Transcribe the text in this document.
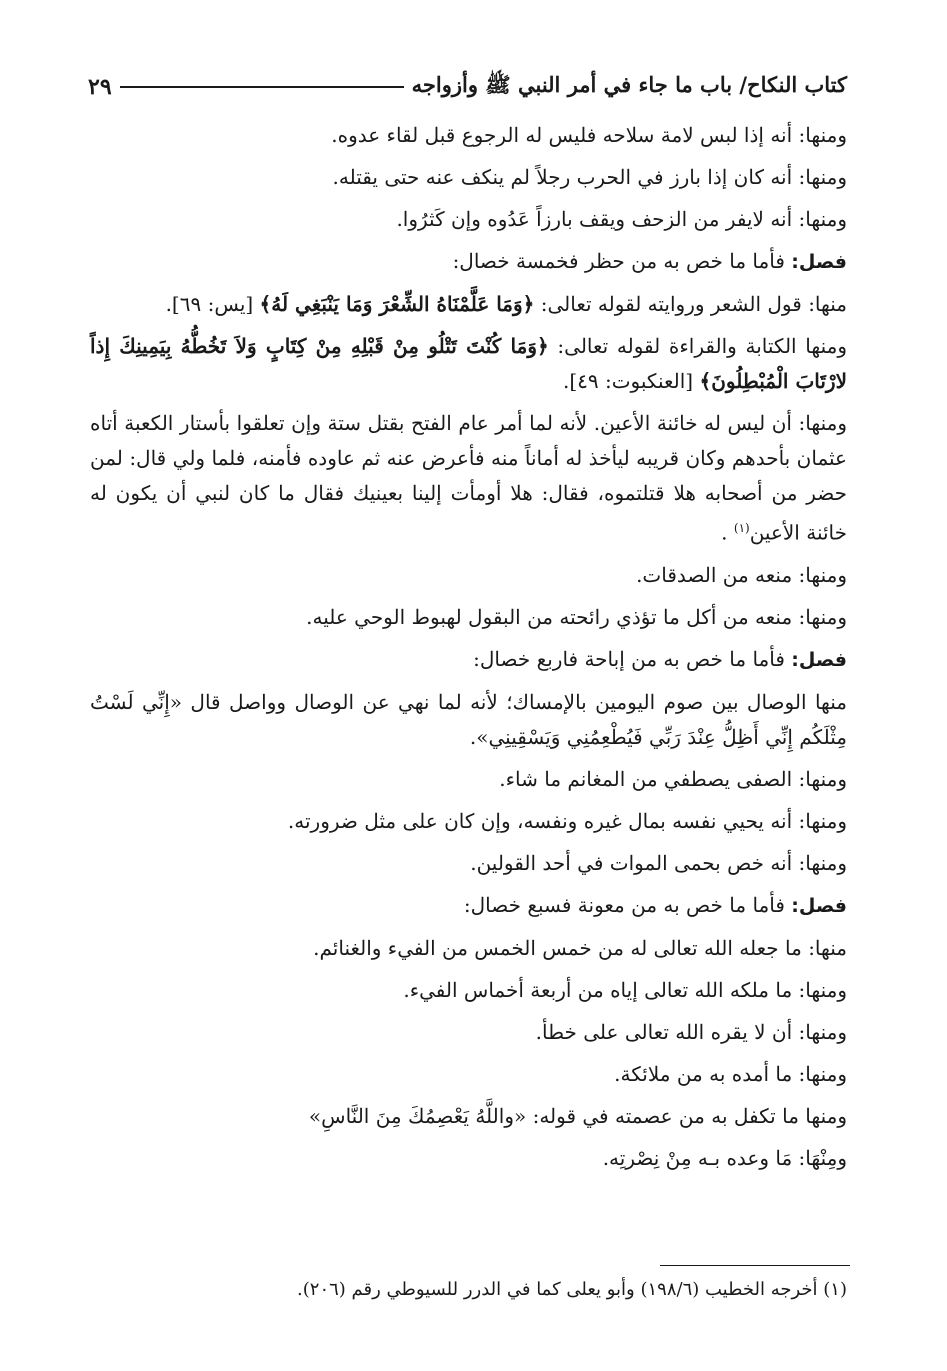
كتاب النكاح/ باب ما جاء في أمر النبي ﷺ وأزواجه
٢٩

ومنها: أنه إذا لبس لامة سلاحه فليس له الرجوع قبل لقاء عدوه.

ومنها: أنه كان إذا بارز في الحرب رجلاً لم ينكف عنه حتى يقتله.

ومنها: أنه لايفر من الزحف ويقف بارزاً عَدُوه وإن كَثرُوا.

فصل: فأما ما خص به من حظر فخمسة خصال:

منها: قول الشعر وروايته لقوله تعالى: ﴿وَمَا عَلَّمْنَاهُ الشِّعْرَ وَمَا يَنْبَغِي لَهُ﴾ [يس: ٦٩].

ومنها الكتابة والقراءة لقوله تعالى: ﴿وَمَا كُنْتَ تَتْلُو مِنْ قَبْلِهِ مِنْ كِتَابٍ وَلاَ تَخُطُّهُ بِيَمِينِكَ إِذاً لارْتَابَ الْمُبْطِلُونَ﴾ [العنكبوت: ٤٩].

ومنها: أن ليس له خائنة الأعين. لأنه لما أمر عام الفتح بقتل ستة وإن تعلقوا بأستار الكعبة أتاه عثمان بأحدهم وكان قريبه ليأخذ له أماناً منه فأعرض عنه ثم عاوده فأمنه، فلما ولي قال: لمن حضر من أصحابه هلا قتلتموه، فقال: هلا أومأت إلينا بعينيك فقال ما كان لنبي أن يكون له خائنة الأعين$^{(١)}$ .

ومنها: منعه من الصدقات.

ومنها: منعه من أكل ما تؤذي رائحته من البقول لهبوط الوحي عليه.

فصل: فأما ما خص به من إباحة فاربع خصال:

منها الوصال بين صوم اليومين بالإمساك؛ لأنه لما نهي عن الوصال وواصل قال «إِنِّي لَسْتُ مِثْلَكُم إِنِّي أَظِلُّ عِنْدَ رَبِّي فَيُطْعِمُنِي وَيَسْقِينِي».

ومنها: الصفى يصطفي من المغانم ما شاء.

ومنها: أنه يحيي نفسه بمال غيره ونفسه، وإن كان على مثل ضرورته.

ومنها: أنه خص بحمى الموات في أحد القولين.

فصل: فأما ما خص به من معونة فسبع خصال:

منها: ما جعله الله تعالى له من خمس الخمس من الفيء والغنائم.

ومنها: ما ملكه الله تعالى إياه من أربعة أخماس الفيء.

ومنها: أن لا يقره الله تعالى على خطأ.

ومنها: ما أمده به من ملائكة.

ومنها ما تكفل به من عصمته في قوله: «واللَّهُ يَعْصِمُكَ مِنَ النَّاسِ»

ومِنْهَا: مَا وعده بـه مِنْ نِصْرتِه.

(١) أخرجه الخطيب (١٩٨/٦) وأبو يعلى كما في الدرر للسيوطي رقم (٢٠٦).
